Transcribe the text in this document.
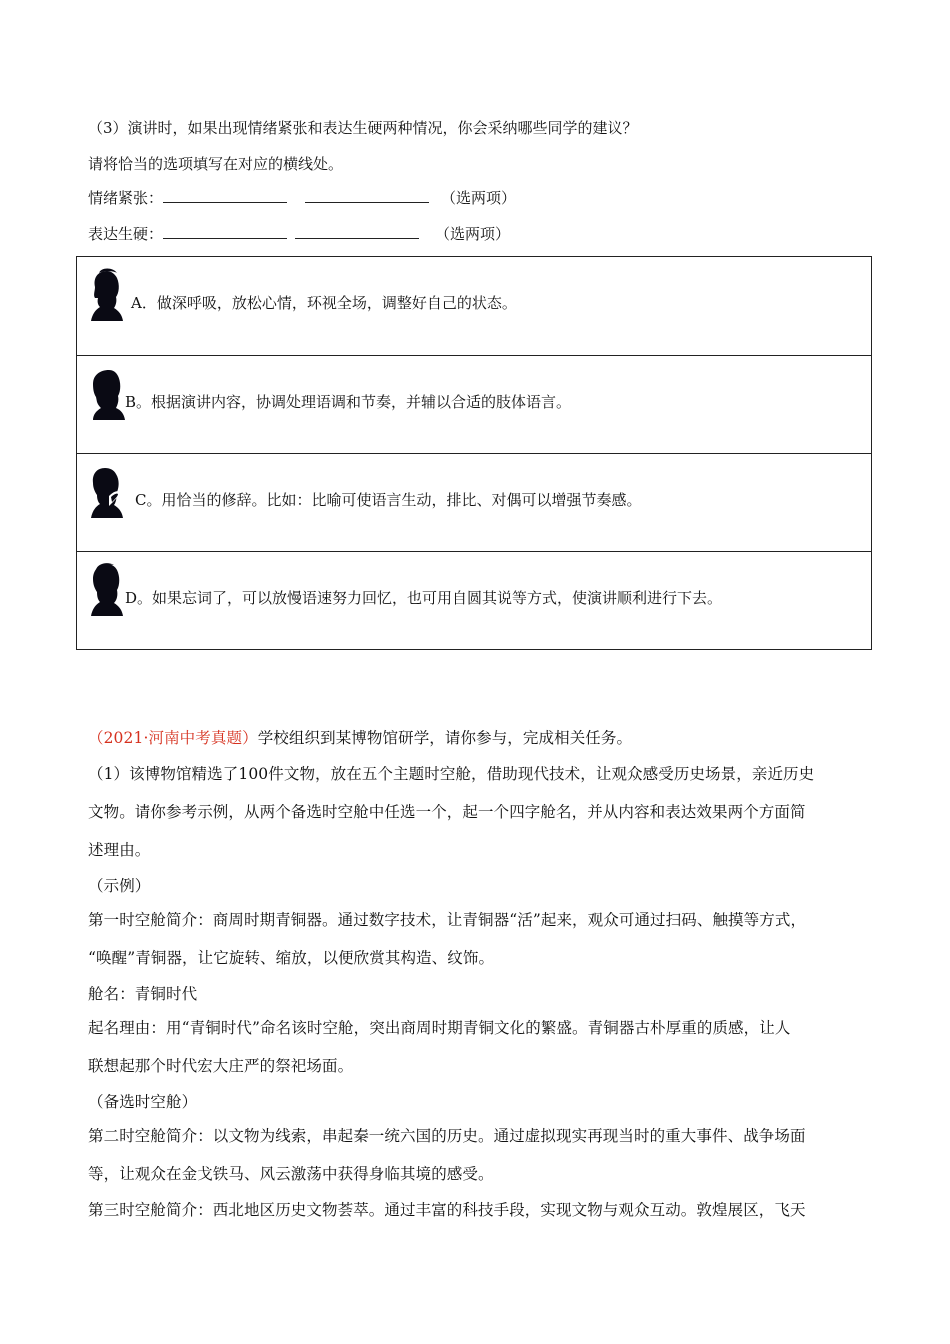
（3）演讲时，如果出现情绪紧张和表达生硬两种情况，你会采纳哪些同学的建议？
请将恰当的选项填写在对应的横线处。
情绪紧张：	（选两项）
表达生硬：	（选两项）
A．做深呼吸，放松心情，环视全场，调整好自己的状态。
B。根据演讲内容，协调处理语调和节奏，并辅以合适的肢体语言。
C。用恰当的修辞。比如：比喻可使语言生动，排比、对偶可以增强节奏感。
D。如果忘词了，可以放慢语速努力回忆，也可用自圆其说等方式，使演讲顺利进行下去。
（2021·河南中考真题）学校组织到某博物馆研学，请你参与，完成相关任务。
（1）该博物馆精选了100件文物，放在五个主题时空舱，借助现代技术，让观众感受历史场景，亲近历史
文物。请你参考示例，从两个备选时空舱中任选一个，起一个四字舱名，并从内容和表达效果两个方面简
述理由。
（示例）
第一时空舱简介：商周时期青铜器。通过数字技术，让青铜器“活”起来，观众可通过扫码、触摸等方式，
“唤醒”青铜器，让它旋转、缩放，以便欣赏其构造、纹饰。
舱名：青铜时代
起名理由：用“青铜时代”命名该时空舱，突出商周时期青铜文化的繁盛。青铜器古朴厚重的质感，让人
联想起那个时代宏大庄严的祭祀场面。
（备选时空舱）
第二时空舱简介：以文物为线索，串起秦一统六国的历史。通过虚拟现实再现当时的重大事件、战争场面
等，让观众在金戈铁马、风云激荡中获得身临其境的感受。
第三时空舱简介：西北地区历史文物荟萃。通过丰富的科技手段，实现文物与观众互动。敦煌展区，飞天
